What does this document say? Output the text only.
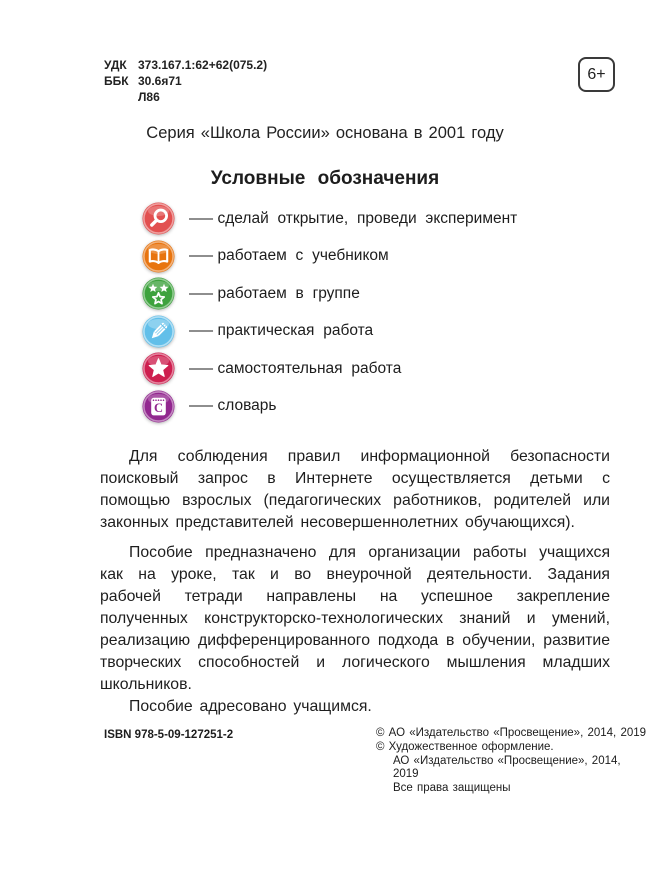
УДК 373.167.1:62+62(075.2)
ББК 30.6я71
Л86
6+
Серия «Школа России» основана в 2001 году
Условные обозначения
— сделай открытие, проведи эксперимент
— работаем с учебником
— работаем в группе
— практическая работа
— самостоятельная работа
С — словарь

Для соблюдения правил информационной безопасности поисковый запрос в Интернете осуществляется детьми с помощью взрослых (педагогических работников, родителей или законных представителей несовершеннолетних обучающихся).

Пособие предназначено для организации работы учащихся как на уроке, так и во внеурочной деятельности. Задания рабочей тетради направлены на успешное закрепление полученных конструкторско-технологических знаний и умений, реализацию дифференцированного подхода в обучении, развитие творческих способностей и логического мышления младших школьников.

Пособие адресовано учащимся.

ISBN 978-5-09-127251-2	© АО «Издательство «Просвещение», 2014, 2019
© Художественное оформление.
АО «Издательство «Просвещение», 2014, 2019
Все права защищены
